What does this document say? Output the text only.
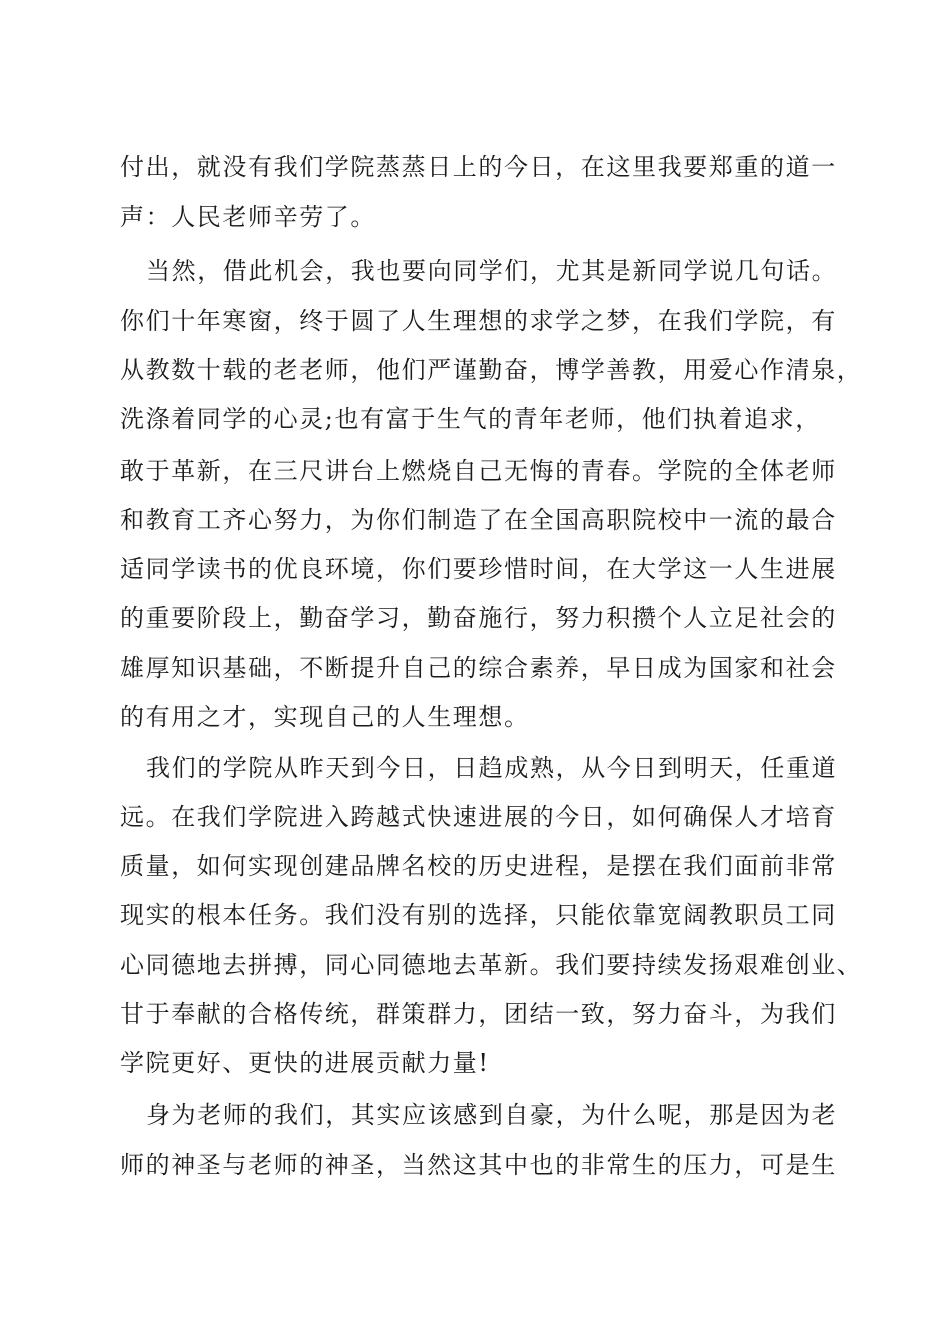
付出，就没有我们学院蒸蒸日上的今日，在这里我要郑重的道一
声：人民老师辛劳了。
当然，借此机会，我也要向同学们，尤其是新同学说几句话。
你们十年寒窗，终于圆了人生理想的求学之梦，在我们学院，有
从教数十载的老老师，他们严谨勤奋，博学善教，用爱心作清泉，
洗涤着同学的心灵;也有富于生气的青年老师，他们执着追求，
敢于革新，在三尺讲台上燃烧自己无悔的青春。学院的全体老师
和教育工齐心努力，为你们制造了在全国高职院校中一流的最合
适同学读书的优良环境，你们要珍惜时间，在大学这一人生进展
的重要阶段上，勤奋学习，勤奋施行，努力积攒个人立足社会的
雄厚知识基础，不断提升自己的综合素养，早日成为国家和社会
的有用之才，实现自己的人生理想。
我们的学院从昨天到今日，日趋成熟，从今日到明天，任重道
远。在我们学院进入跨越式快速进展的今日，如何确保人才培育
质量，如何实现创建品牌名校的历史进程，是摆在我们面前非常
现实的根本任务。我们没有别的选择，只能依靠宽阔教职员工同
心同德地去拼搏，同心同德地去革新。我们要持续发扬艰难创业、
甘于奉献的合格传统，群策群力，团结一致，努力奋斗，为我们
学院更好、更快的进展贡献力量!
身为老师的我们，其实应该感到自豪，为什么呢，那是因为老
师的神圣与老师的神圣，当然这其中也的非常生的压力，可是生
